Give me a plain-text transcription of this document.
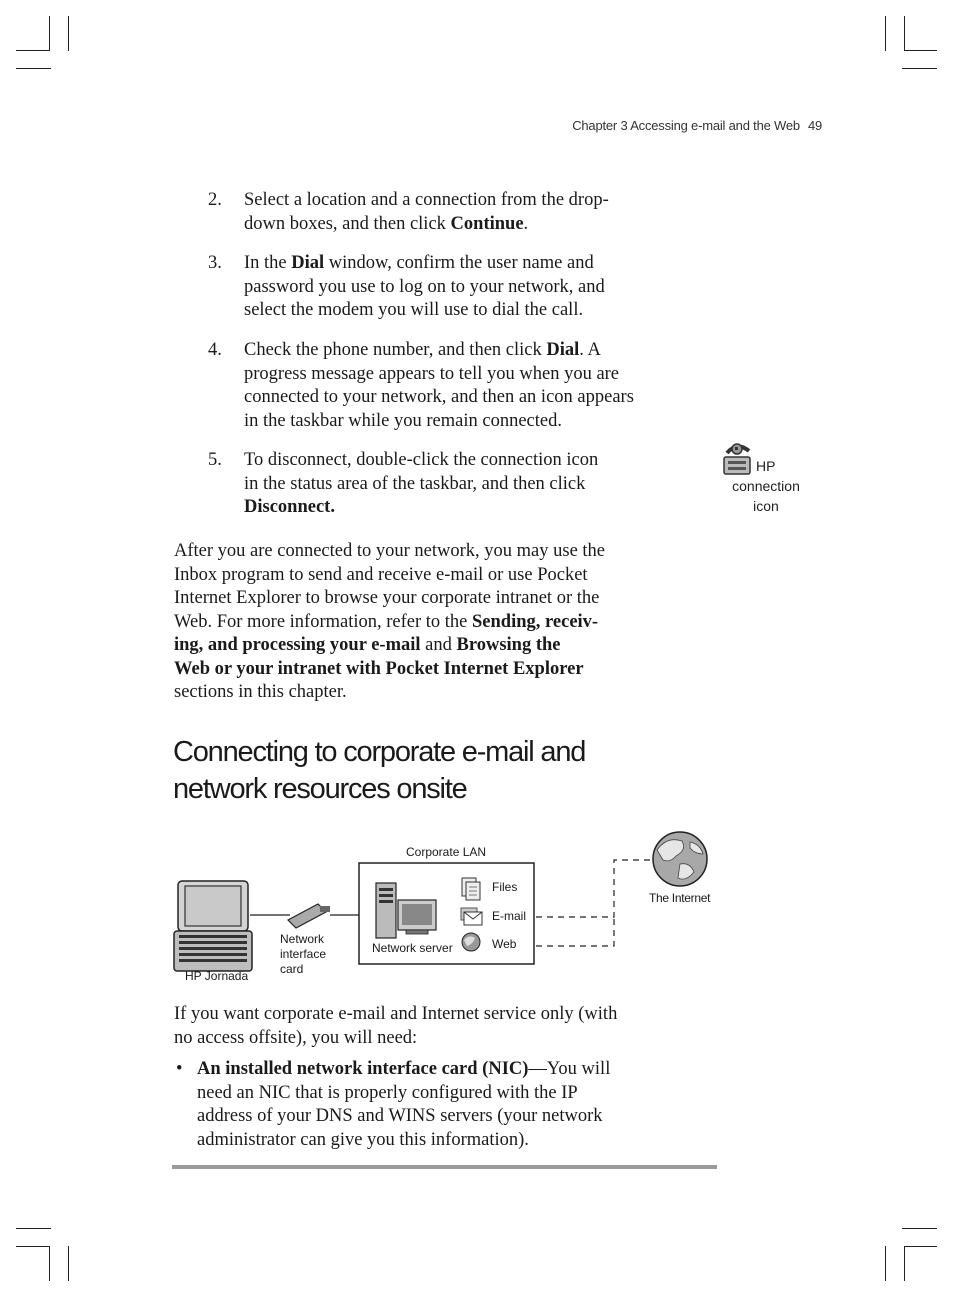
Chapter 3 Accessing e-mail and the Web 49
2.	Select a location and a connection from the drop-
down boxes, and then click Continue.
3.	In the Dial window, confirm the user name and
password you use to log on to your network, and
select the modem you will use to dial the call.
4.	Check the phone number, and then click Dial. A
progress message appears to tell you when you are
connected to your network, and then an icon appears
in the taskbar while you remain connected.
5.	To disconnect, double-click the connection icon
in the status area of the taskbar, and then click
Disconnect.
HP
connection
icon
After you are connected to your network, you may use the
Inbox program to send and receive e-mail or use Pocket
Internet Explorer to browse your corporate intranet or the
Web. For more information, refer to the Sending, receiv-
ing, and processing your e-mail and Browsing the
Web or your intranet with Pocket Internet Explorer
sections in this chapter.
Connecting to corporate e-mail and
network resources onsite
Corporate LAN
Files
E-mail
Web
Network server
The Internet
HP Jornada
Network
interface
card
If you want corporate e-mail and Internet service only (with
no access offsite), you will need:
• An installed network interface card (NIC)—You will
need an NIC that is properly configured with the IP
address of your DNS and WINS servers (your network
administrator can give you this information).
